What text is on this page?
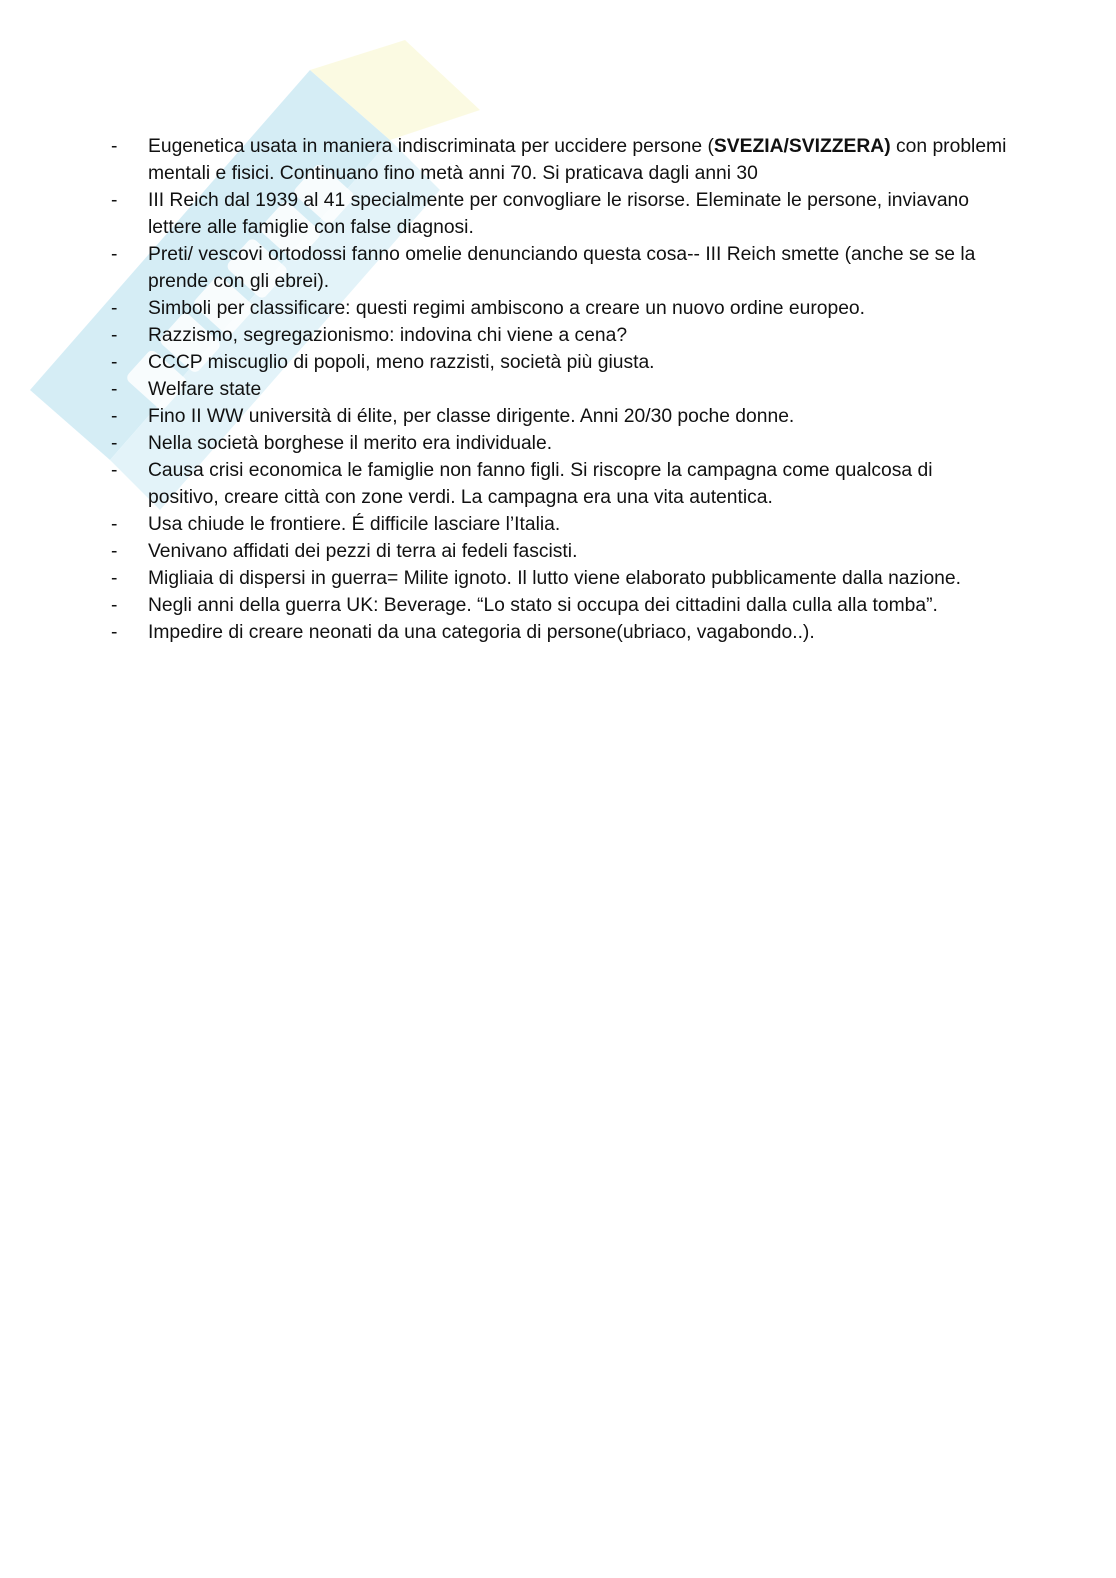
- Eugenetica usata in maniera indiscriminata per uccidere persone (SVEZIA/SVIZZERA) con problemi mentali e fisici. Continuano fino metà anni 70. Si praticava dagli anni 30
- III Reich dal 1939 al 41 specialmente per convogliare le risorse. Eleminate le persone, inviavano lettere alle famiglie con false diagnosi.
- Preti/ vescovi ortodossi fanno omelie denunciando questa cosa-- III Reich smette (anche se se la prende con gli ebrei).
- Simboli per classificare: questi regimi ambiscono a creare un nuovo ordine europeo.
- Razzismo, segregazionismo: indovina chi viene a cena?
- CCCP miscuglio di popoli, meno razzisti, società più giusta.
- Welfare state
- Fino II WW università di élite, per classe dirigente. Anni 20/30 poche donne.
- Nella società borghese il merito era individuale.
- Causa crisi economica le famiglie non fanno figli. Si riscopre la campagna come qualcosa di positivo, creare città con zone verdi. La campagna era una vita autentica.
- Usa chiude le frontiere. É difficile lasciare l’Italia.
- Venivano affidati dei pezzi di terra ai fedeli fascisti.
- Migliaia di dispersi in guerra= Milite ignoto. Il lutto viene elaborato pubblicamente dalla nazione.
- Negli anni della guerra UK: Beverage. “Lo stato si occupa dei cittadini dalla culla alla tomba”.
- Impedire di creare neonati da una categoria di persone(ubriaco, vagabondo..).
